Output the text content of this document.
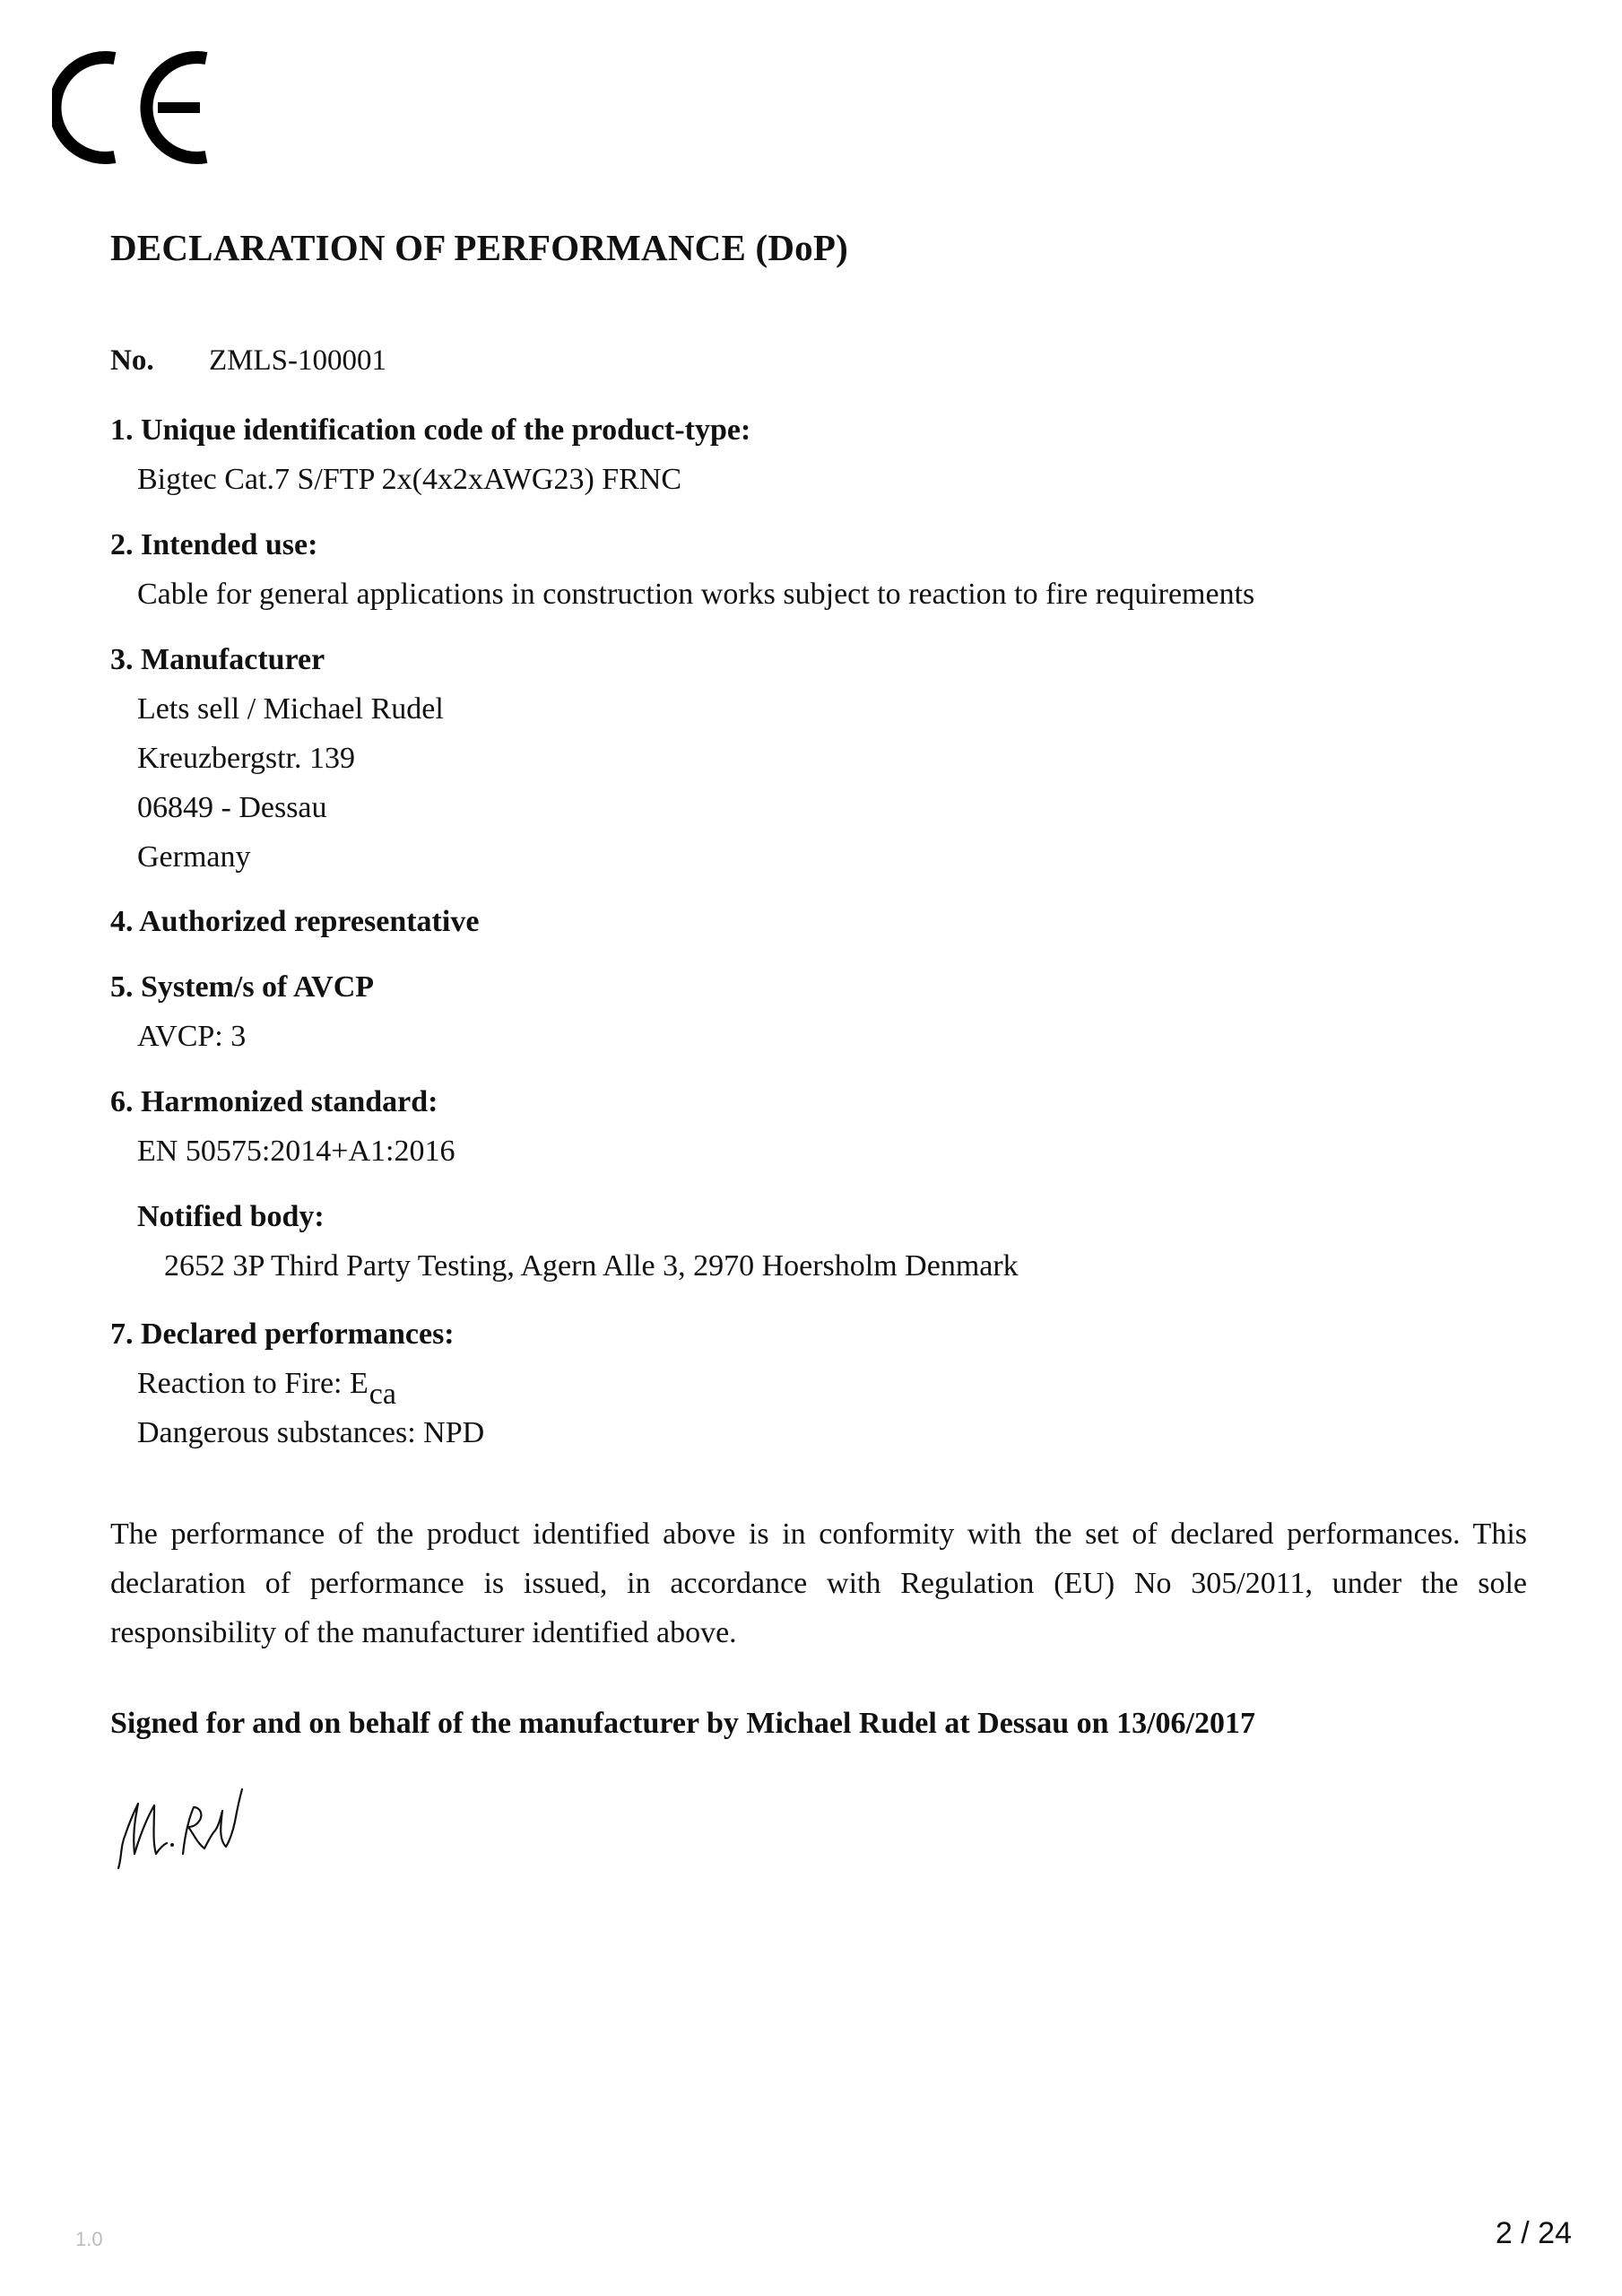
DECLARATION OF PERFORMANCE (DoP)
No. ZMLS-100001
1. Unique identification code of the product-type:
Bigtec Cat.7 S/FTP 2x(4x2xAWG23) FRNC
2. Intended use:
Cable for general applications in construction works subject to reaction to fire requirements
3. Manufacturer
Lets sell / Michael Rudel
Kreuzbergstr. 139
06849 - Dessau
Germany
4. Authorized representative
5. System/s of AVCP
AVCP: 3
6. Harmonized standard:
EN 50575:2014+A1:2016
Notified body:
2652 3P Third Party Testing, Agern Alle 3, 2970 Hoersholm Denmark
7. Declared performances:
Reaction to Fire: Eca
Dangerous substances: NPD
The performance of the product identified above is in conformity with the set of declared performances. This declaration of performance is issued, in accordance with Regulation (EU) No 305/2011, under the sole responsibility of the manufacturer identified above.
Signed for and on behalf of the manufacturer by Michael Rudel at Dessau on 13/06/2017
1.0	2 / 24
